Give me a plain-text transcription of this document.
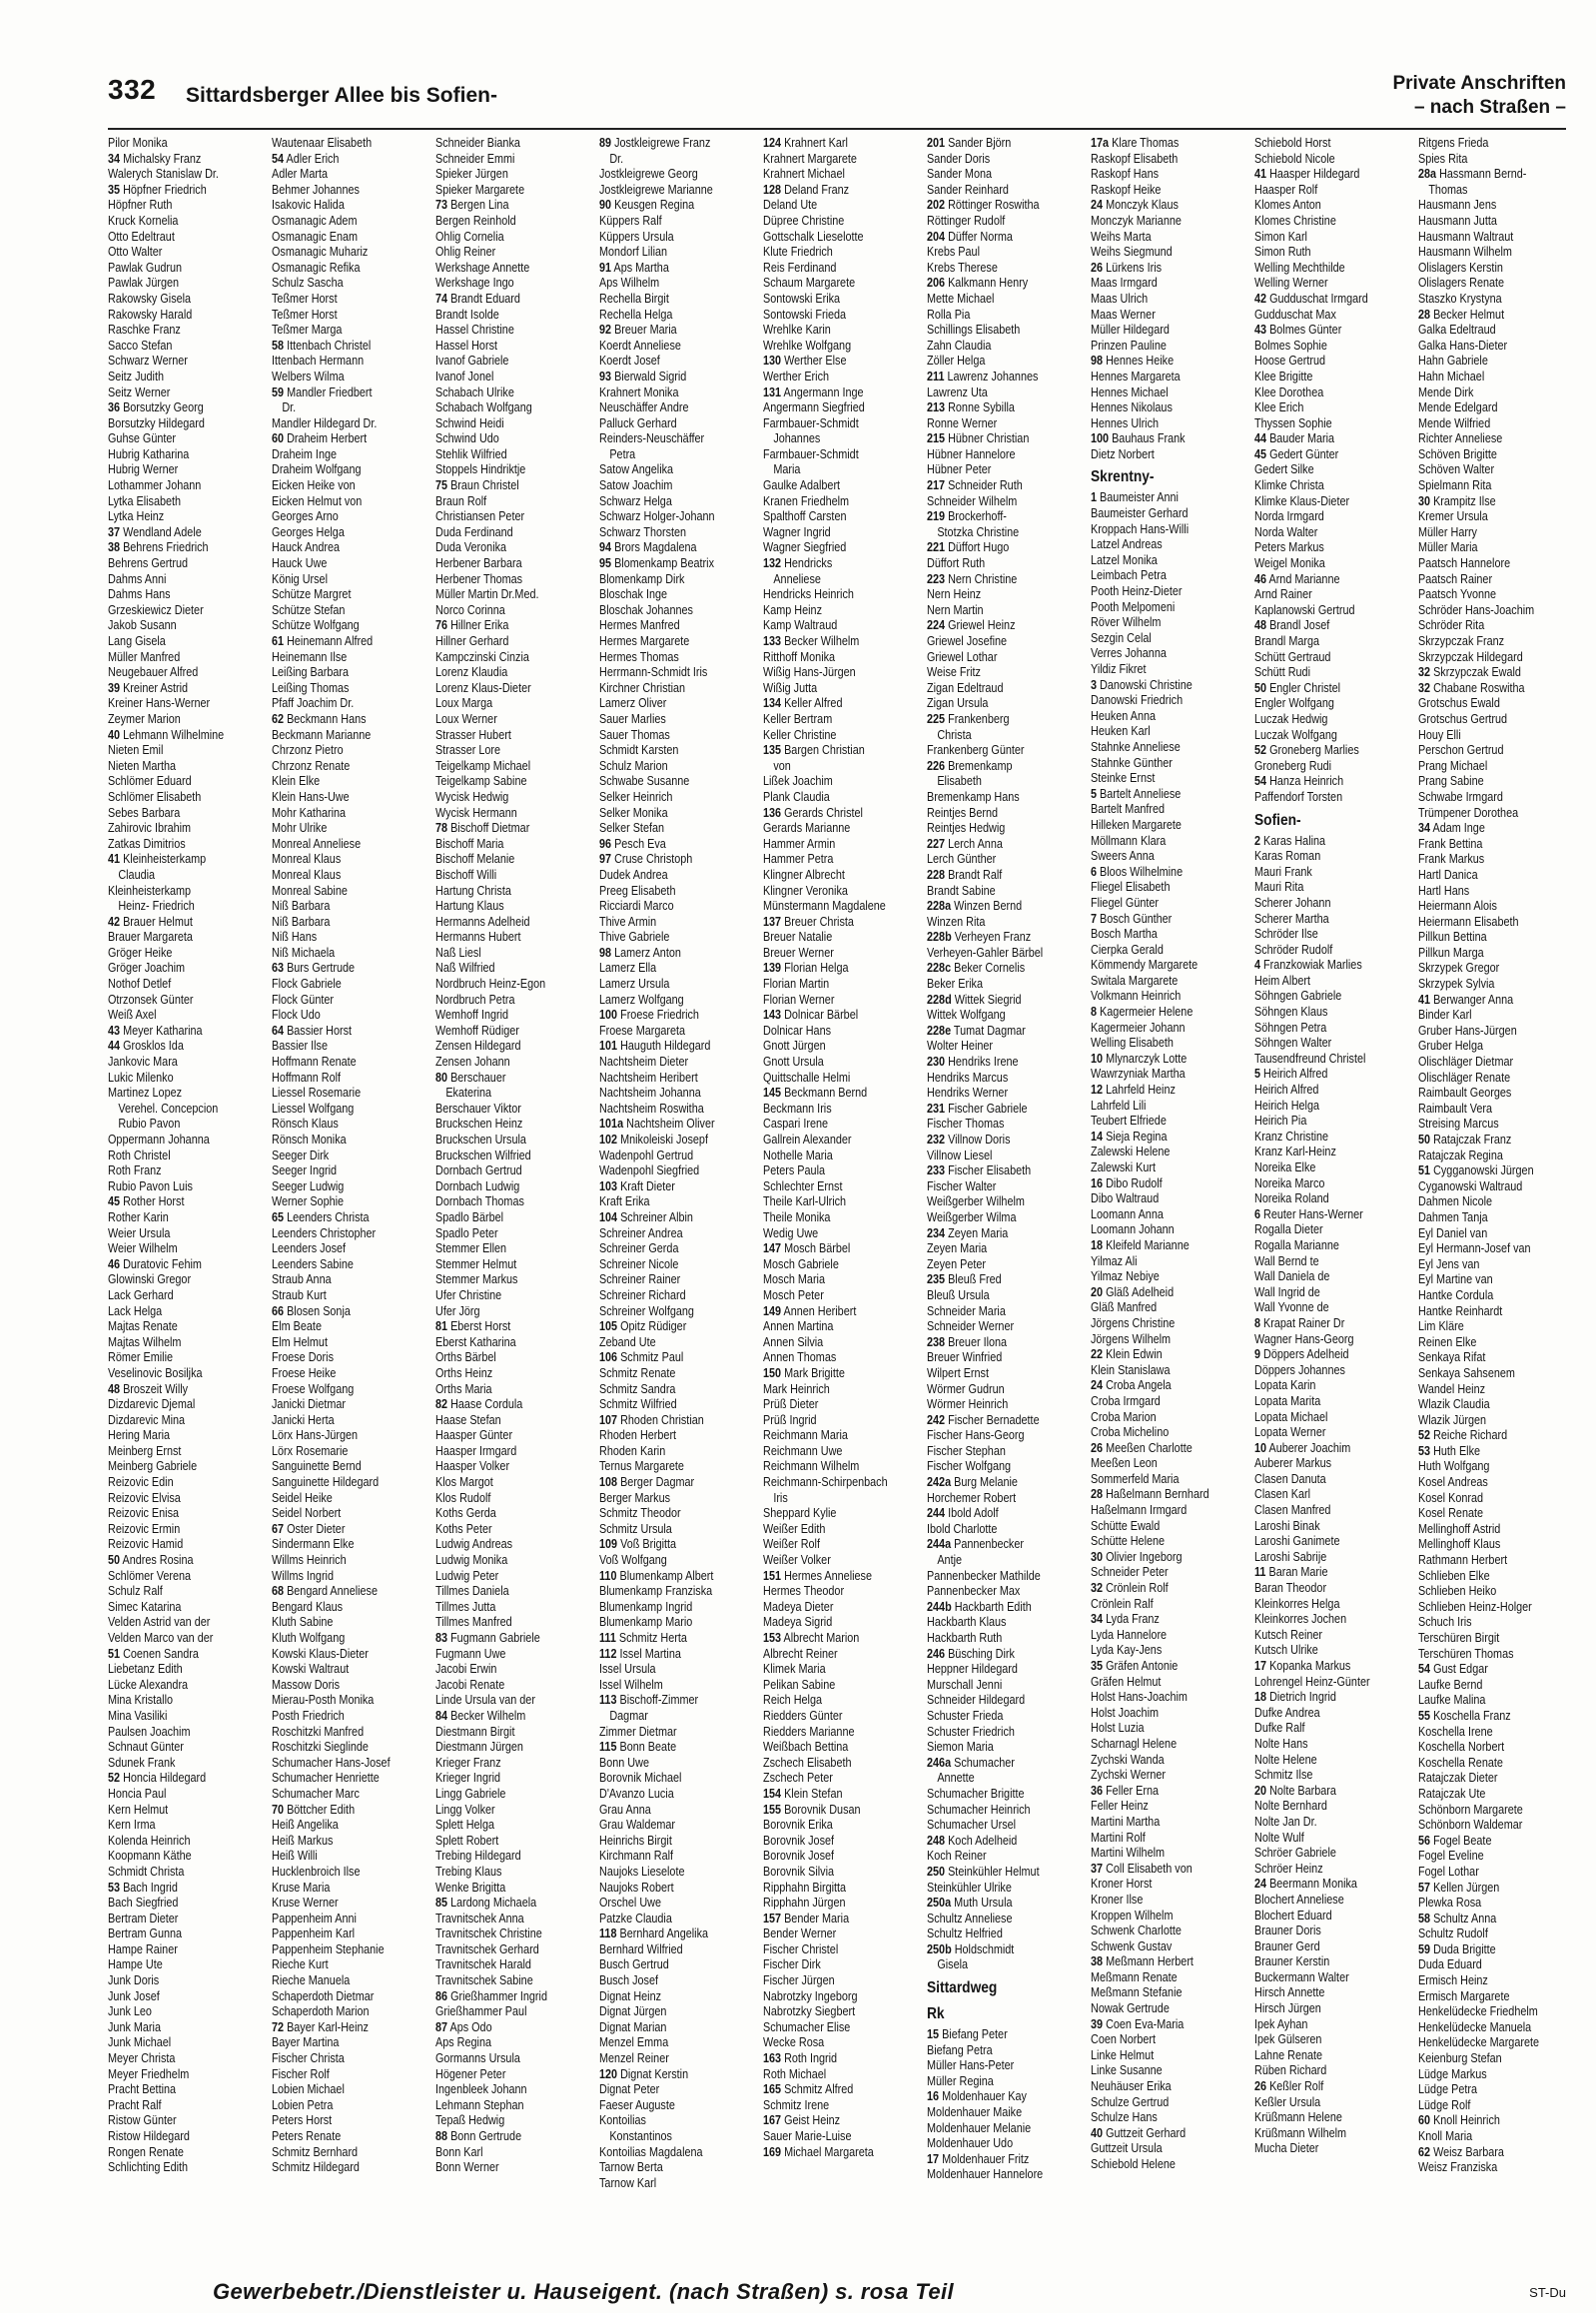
332 Sittardsberger Allee bis Sofien-
Private Anschriften
– nach Straßen –
Pilor Monika
34 Michalsky Franz
Walerych Stanislaw Dr.
35 Höpfner Friedrich
Höpfner Ruth
Kruck Kornelia
Otto Edeltraut
Otto Walter
Pawlak Gudrun
Pawlak Jürgen
Rakowsky Gisela
Rakowsky Harald
Raschke Franz
Sacco Stefan
Schwarz Werner
Seitz Judith
Seitz Werner
36 Borsutzky Georg
Borsutzky Hildegard
Guhse Günter
Hubrig Katharina
Hubrig Werner
Lothammer Johann
Lytka Elisabeth
Lytka Heinz
37 Wendland Adele
38 Behrens Friedrich
Behrens Gertrud
Dahms Anni
Dahms Hans
Grzeskiewicz Dieter
Jakob Susann
Lang Gisela
Müller Manfred
Neugebauer Alfred
39 Kreiner Astrid
Kreiner Hans-Werner
Zeymer Marion
40 Lehmann Wilhelmine
Nieten Emil
Nieten Martha
Schlömer Eduard
Schlömer Elisabeth
Sebes Barbara
Zahirovic Ibrahim
Zatkas Dimitrios
41 Kleinheisterkamp
Claudia
Kleinheisterkamp
Heinz- Friedrich
42 Brauer Helmut
Brauer Margareta
Gröger Heike
Gröger Joachim
Nothof Detlef
Otrzonsek Günter
Weiß Axel
43 Meyer Katharina
44 Grosklos Ida
Jankovic Mara
Lukic Milenko
Martinez Lopez
Verehel. Concepcion
Rubio Pavon
Oppermann Johanna
Roth Christel
Roth Franz
Rubio Pavon Luis
45 Rother Horst
Rother Karin
Weier Ursula
Weier Wilhelm
46 Duratovic Fehim
Glowinski Gregor
Lack Gerhard
Lack Helga
Majtas Renate
Majtas Wilhelm
Römer Emilie
Veselinovic Bosiljka
48 Broszeit Willy
Dizdarevic Djemal
Dizdarevic Mina
Hering Maria
Meinberg Ernst
Meinberg Gabriele
Reizovic Edin
Reizovic Elvisa
Reizovic Enisa
Reizovic Ermin
Reizovic Hamid
50 Andres Rosina
Schlömer Verena
Schulz Ralf
Simec Katarina
Velden Astrid van der
Velden Marco van der
51 Coenen Sandra
Liebetanz Edith
Lücke Alexandra
Mina Kristallo
Mina Vasiliki
Paulsen Joachim
Schnaut Günter
Sdunek Frank
52 Honcia Hildegard
Honcia Paul
Kern Helmut
Kern Irma
Kolenda Heinrich
Koopmann Käthe
Schmidt Christa
53 Bach Ingrid
Bach Siegfried
Bertram Dieter
Bertram Gunna
Hampe Rainer
Hampe Ute
Junk Doris
Junk Josef
Junk Leo
Junk Maria
Junk Michael
Meyer Christa
Meyer Friedhelm
Pracht Bettina
Pracht Ralf
Ristow Günter
Ristow Hildegard
Rongen Renate
Schlichting Edith
Wautenaar Elisabeth
54 Adler Erich
Adler Marta
Behmer Johannes
Isakovic Halida
Osmanagic Adem
Osmanagic Enam
Osmanagic Muhariz
Osmanagic Refika
Schulz Sascha
Teßmer Horst
Teßmer Horst
Teßmer Marga
58 Ittenbach Christel
Ittenbach Hermann
Welbers Wilma
59 Mandler Friedbert
Dr.
Mandler Hildegard Dr.
60 Draheim Herbert
Draheim Inge
Draheim Wolfgang
Eicken Heike von
Eicken Helmut von
Georges Arno
Georges Helga
Hauck Andrea
Hauck Uwe
König Ursel
Schütze Margret
Schütze Stefan
Schütze Wolfgang
61 Heinemann Alfred
Heinemann Ilse
Leißing Barbara
Leißing Thomas
Pfaff Joachim Dr.
62 Beckmann Hans
Beckmann Marianne
Chrzonz Pietro
Chrzonz Renate
Klein Elke
Klein Hans-Uwe
Mohr Katharina
Mohr Ulrike
Monreal Anneliese
Monreal Klaus
Monreal Klaus
Monreal Sabine
Niß Barbara
Niß Barbara
Niß Hans
Niß Michaela
63 Burs Gertrude
Flock Gabriele
Flock Günter
Flock Udo
64 Bassier Horst
Bassier Ilse
Hoffmann Renate
Hoffmann Rolf
Liessel Rosemarie
Liessel Wolfgang
Rönsch Klaus
Rönsch Monika
Seeger Dirk
Seeger Ingrid
Seeger Ludwig
Werner Sophie
65 Leenders Christa
Leenders Christopher
Leenders Josef
Leenders Sabine
Straub Anna
Straub Kurt
66 Blosen Sonja
Elm Beate
Elm Helmut
Froese Doris
Froese Heike
Froese Wolfgang
Janicki Dietmar
Janicki Herta
Lörx Hans-Jürgen
Lörx Rosemarie
Sanguinette Bernd
Sanguinette Hildegard
Seidel Heike
Seidel Norbert
67 Oster Dieter
Sindermann Elke
Willms Heinrich
Willms Ingrid
68 Bengard Anneliese
Bengard Klaus
Kluth Sabine
Kluth Wolfgang
Kowski Klaus-Dieter
Kowski Waltraut
Massow Doris
Mierau-Posth Monika
Posth Friedrich
Roschitzki Manfred
Roschitzki Sieglinde
Schumacher Hans-Josef
Schumacher Henriette
Schumacher Marc
70 Böttcher Edith
Heiß Angelika
Heiß Markus
Heiß Willi
Hucklenbroich Ilse
Kruse Maria
Kruse Werner
Pappenheim Anni
Pappenheim Karl
Pappenheim Stephanie
Rieche Kurt
Rieche Manuela
Schaperdoth Dietmar
Schaperdoth Marion
72 Bayer Karl-Heinz
Bayer Martina
Fischer Christa
Fischer Rolf
Lobien Michael
Lobien Petra
Peters Horst
Peters Renate
Schmitz Bernhard
Schmitz Hildegard
Schneider Bianka
Schneider Emmi
Spieker Jürgen
Spieker Margarete
73 Bergen Lina
Bergen Reinhold
Ohlig Cornelia
Ohlig Reiner
Werkshage Annette
Werkshage Ingo
74 Brandt Eduard
Brandt Isolde
Hassel Christine
Hassel Horst
Ivanof Gabriele
Ivanof Jonel
Schabach Ulrike
Schabach Wolfgang
Schwind Heidi
Schwind Udo
Stehlik Wilfried
Stoppels Hindriktje
75 Braun Christel
Braun Rolf
Christiansen Peter
Duda Ferdinand
Duda Veronika
Herbener Barbara
Herbener Thomas
Müller Martin Dr.Med.
Norco Corinna
76 Hillner Erika
Hillner Gerhard
Kampczinski Cinzia
Lorenz Klaudia
Lorenz Klaus-Dieter
Loux Marga
Loux Werner
Strasser Hubert
Strasser Lore
Teigelkamp Michael
Teigelkamp Sabine
Wycisk Hedwig
Wycisk Hermann
78 Bischoff Dietmar
Bischoff Maria
Bischoff Melanie
Bischoff Willi
Hartung Christa
Hartung Klaus
Hermanns Adelheid
Hermanns Hubert
Naß Liesl
Naß Wilfried
Nordbruch Heinz-Egon
Nordbruch Petra
Wemhoff Ingrid
Wemhoff Rüdiger
Zensen Hildegard
Zensen Johann
80 Berschauer
Ekaterina
Berschauer Viktor
Bruckschen Heinz
Bruckschen Ursula
Bruckschen Wilfried
Dornbach Gertrud
Dornbach Ludwig
Dornbach Thomas
Spadlo Bärbel
Spadlo Peter
Stemmer Ellen
Stemmer Helmut
Stemmer Markus
Ufer Christine
Ufer Jörg
81 Eberst Horst
Eberst Katharina
Orths Bärbel
Orths Heinz
Orths Maria
82 Haase Cordula
Haase Stefan
Haasper Günter
Haasper Irmgard
Haasper Volker
Klos Margot
Klos Rudolf
Koths Gerda
Koths Peter
Ludwig Andreas
Ludwig Monika
Ludwig Peter
Tillmes Daniela
Tillmes Jutta
Tillmes Manfred
83 Fugmann Gabriele
Fugmann Uwe
Jacobi Erwin
Jacobi Renate
Linde Ursula van der
84 Becker Wilhelm
Diestmann Birgit
Diestmann Jürgen
Krieger Franz
Krieger Ingrid
Lingg Gabriele
Lingg Volker
Splett Helga
Splett Robert
Trebing Hildegard
Trebing Klaus
Wenke Brigitta
85 Lardong Michaela
Travnitschek Anna
Travnitschek Christine
Travnitschek Gerhard
Travnitschek Harald
Travnitschek Sabine
86 Grießhammer Ingrid
Grießhammer Paul
87 Aps Odo
Aps Regina
Gormanns Ursula
Högener Peter
Ingenbleek Johann
Lehmann Stephan
Tepaß Hedwig
88 Bonn Gertrude
Bonn Karl
Bonn Werner
89 Jostkleigrewe Franz
Dr.
Jostkleigrewe Georg
Jostkleigrewe Marianne
90 Keusgen Regina
Küppers Ralf
Küppers Ursula
Mondorf Lilian
91 Aps Martha
Aps Wilhelm
Rechella Birgit
Rechella Helga
92 Breuer Maria
Koerdt Anneliese
Koerdt Josef
93 Bierwald Sigrid
Krahnert Monika
Neuschäffer Andre
Palluck Gerhard
Reinders-Neuschäffer
Petra
Satow Angelika
Satow Joachim
Schwarz Helga
Schwarz Holger-Johann
Schwarz Thorsten
94 Brors Magdalena
95 Blomenkamp Beatrix
Blomenkamp Dirk
Bloschak Inge
Bloschak Johannes
Hermes Manfred
Hermes Margarete
Hermes Thomas
Herrmann-Schmidt Iris
Kirchner Christian
Lamerz Oliver
Sauer Marlies
Sauer Thomas
Schmidt Karsten
Schulz Marion
Schwabe Susanne
Selker Heinrich
Selker Monika
Selker Stefan
96 Pesch Eva
97 Cruse Christoph
Dudek Andrea
Preeg Elisabeth
Ricciardi Marco
Thive Armin
Thive Gabriele
98 Lamerz Anton
Lamerz Ella
Lamerz Ursula
Lamerz Wolfgang
100 Froese Friedrich
Froese Margareta
101 Hauguth Hildegard
Nachtsheim Dieter
Nachtsheim Heribert
Nachtsheim Johanna
Nachtsheim Roswitha
101a Nachtsheim Oliver
102 Mnikoleiski Josepf
Wadenpohl Gertrud
Wadenpohl Siegfried
103 Kraft Dieter
Kraft Erika
104 Schreiner Albin
Schreiner Andrea
Schreiner Gerda
Schreiner Nicole
Schreiner Rainer
Schreiner Richard
Schreiner Wolfgang
105 Opitz Rüdiger
Zeband Ute
106 Schmitz Paul
Schmitz Renate
Schmitz Sandra
Schmitz Wilfried
107 Rhoden Christian
Rhoden Herbert
Rhoden Karin
Ternus Margarete
108 Berger Dagmar
Berger Markus
Schmitz Theodor
Schmitz Ursula
109 Voß Brigitta
Voß Wolfgang
110 Blumenkamp Albert
Blumenkamp Franziska
Blumenkamp Ingrid
Blumenkamp Mario
111 Schmitz Herta
112 Issel Martina
Issel Ursula
Issel Wilhelm
113 Bischoff-Zimmer
Dagmar
Zimmer Dietmar
115 Bonn Beate
Bonn Uwe
Borovnik Michael
D'Avanzo Lucia
Grau Anna
Grau Waldemar
Heinrichs Birgit
Kirchmann Ralf
Naujoks Lieselote
Naujoks Robert
Orschel Uwe
Patzke Claudia
118 Bernhard Angelika
Bernhard Wilfried
Busch Gertrud
Busch Josef
Dignat Heinz
Dignat Jürgen
Dignat Marian
Menzel Emma
Menzel Reiner
120 Dignat Kerstin
Dignat Peter
Faeser Auguste
Kontoilias
Konstantinos
Kontoilias Magdalena
Tarnow Berta
Tarnow Karl
124 Krahnert Karl
Krahnert Margarete
Krahnert Michael
128 Deland Franz
Deland Ute
Düpree Christine
Gottschalk Lieselotte
Klute Friedrich
Reis Ferdinand
Schaum Margarete
Sontowski Erika
Sontowski Frieda
Wrehlke Karin
Wrehlke Wolfgang
130 Werther Else
Werther Erich
131 Angermann Inge
Angermann Siegfried
Farmbauer-Schmidt
Johannes
Farmbauer-Schmidt
Maria
Gaulke Adalbert
Kranen Friedhelm
Spalthoff Carsten
Wagner Ingrid
Wagner Siegfried
132 Hendricks
Anneliese
Hendricks Heinrich
Kamp Heinz
Kamp Waltraud
133 Becker Wilhelm
Ritthoff Monika
Wißig Hans-Jürgen
Wißig Jutta
134 Keller Alfred
Keller Bertram
Keller Christine
135 Bargen Christian
von
Lißek Joachim
Plank Claudia
136 Gerards Christel
Gerards Marianne
Hammer Armin
Hammer Petra
Klingner Albrecht
Klingner Veronika
Münstermann Magdalene
137 Breuer Christa
Breuer Natalie
Breuer Werner
139 Florian Helga
Florian Martin
Florian Werner
143 Dolnicar Bärbel
Dolnicar Hans
Gnott Jürgen
Gnott Ursula
Quittschalle Helmi
145 Beckmann Bernd
Beckmann Iris
Caspari Irene
Gallrein Alexander
Nothelle Maria
Peters Paula
Schlechter Ernst
Theile Karl-Ulrich
Theile Monika
Wedig Uwe
147 Mosch Bärbel
Mosch Gabriele
Mosch Maria
Mosch Peter
149 Annen Heribert
Annen Martina
Annen Silvia
Annen Thomas
150 Mark Brigitte
Mark Heinrich
Prüß Dieter
Prüß Ingrid
Reichmann Maria
Reichmann Uwe
Reichmann Wilhelm
Reichmann-Schirpenbach
Iris
Sheppard Kylie
Weißer Edith
Weißer Rolf
Weißer Volker
151 Hermes Anneliese
Hermes Theodor
Madeya Dieter
Madeya Sigrid
153 Albrecht Marion
Albrecht Reiner
Klimek Maria
Pelikan Sabine
Reich Helga
Riedders Günter
Riedders Marianne
Weißbach Bettina
Zschech Elisabeth
Zschech Peter
154 Klein Stefan
155 Borovnik Dusan
Borovnik Erika
Borovnik Josef
Borovnik Josef
Borovnik Silvia
Ripphahn Birgitta
Ripphahn Jürgen
157 Bender Maria
Bender Werner
Fischer Christel
Fischer Dirk
Fischer Jürgen
Nabrotzky Ingeborg
Nabrotzky Siegbert
Schumacher Elise
Wecke Rosa
163 Roth Ingrid
Roth Michael
165 Schmitz Alfred
Schmitz Irene
167 Geist Heinz
Sauer Marie-Luise
169 Michael Margareta
201 Sander Björn
Sander Doris
Sander Mona
Sander Reinhard
202 Röttinger Roswitha
Röttinger Rudolf
204 Düffer Norma
Krebs Paul
Krebs Therese
206 Kalkmann Henry
Mette Michael
Rolla Pia
Schillings Elisabeth
Zahn Claudia
Zöller Helga
211 Lawrenz Johannes
Lawrenz Uta
213 Ronne Sybilla
Ronne Werner
215 Hübner Christian
Hübner Hannelore
Hübner Peter
217 Schneider Ruth
Schneider Wilhelm
219 Brockerhoff-
Stotzka Christine
221 Düffort Hugo
Düffort Ruth
223 Nern Christine
Nern Heinz
Nern Martin
224 Griewel Heinz
Griewel Josefine
Griewel Lothar
Weise Fritz
Zigan Edeltraud
Zigan Ursula
225 Frankenberg
Christa
Frankenberg Günter
226 Bremenkamp
Elisabeth
Bremenkamp Hans
Reintjes Bernd
Reintjes Hedwig
227 Lerch Anna
Lerch Günther
228 Brandt Ralf
Brandt Sabine
228a Winzen Bernd
Winzen Rita
228b Verheyen Franz
Verheyen-Gahler Bärbel
228c Beker Cornelis
Beker Erika
228d Wittek Siegrid
Wittek Wolfgang
228e Tumat Dagmar
Wolter Heiner
230 Hendriks Irene
Hendriks Marcus
Hendriks Werner
231 Fischer Gabriele
Fischer Thomas
232 Villnow Doris
Villnow Liesel
233 Fischer Elisabeth
Fischer Walter
Weißgerber Wilhelm
Weißgerber Wilma
234 Zeyen Maria
Zeyen Maria
Zeyen Peter
235 Bleuß Fred
Bleuß Ursula
Schneider Maria
Schneider Werner
238 Breuer Ilona
Breuer Winfried
Wilpert Ernst
Wörmer Gudrun
Wörmer Heinrich
242 Fischer Bernadette
Fischer Hans-Georg
Fischer Stephan
Fischer Wolfgang
242a Burg Melanie
Horchemer Robert
244 Ibold Adolf
Ibold Charlotte
244a Pannenbecker
Antje
Pannenbecker Mathilde
Pannenbecker Max
244b Hackbarth Edith
Hackbarth Klaus
Hackbarth Ruth
246 Büsching Dirk
Heppner Hildegard
Murschall Jenni
Schneider Hildegard
Schuster Frieda
Schuster Friedrich
Siemon Maria
246a Schumacher
Annette
Schumacher Brigitte
Schumacher Heinrich
Schumacher Ursel
248 Koch Adelheid
Koch Reiner
250 Steinkühler Helmut
Steinkühler Ulrike
250a Muth Ursula
Schultz Anneliese
Schultz Helfried
250b Holdschmidt
Gisela
Sittardweg
Rk
15 Biefang Peter
Biefang Petra
Müller Hans-Peter
Müller Regina
16 Moldenhauer Kay
Moldenhauer Maike
Moldenhauer Melanie
Moldenhauer Udo
17 Moldenhauer Fritz
Moldenhauer Hannelore
17a Klare Thomas
Raskopf Elisabeth
Raskopf Hans
Raskopf Heike
24 Monczyk Klaus
Monczyk Marianne
Weihs Marta
Weihs Siegmund
26 Lürkens Iris
Maas Irmgard
Maas Ulrich
Maas Werner
Müller Hildegard
Prinzen Pauline
98 Hennes Heike
Hennes Margareta
Hennes Michael
Hennes Nikolaus
Hennes Ulrich
100 Bauhaus Frank
Dietz Norbert
Skrentny-
1 Baumeister Anni
Baumeister Gerhard
Kroppach Hans-Willi
Latzel Andreas
Latzel Monika
Leimbach Petra
Pooth Heinz-Dieter
Pooth Melpomeni
Röver Wilhelm
Sezgin Celal
Verres Johanna
Yildiz Fikret
3 Danowski Christine
Danowski Friedrich
Heuken Anna
Heuken Karl
Stahnke Anneliese
Stahnke Günther
Steinke Ernst
5 Bartelt Anneliese
Bartelt Manfred
Hilleken Margarete
Möllmann Klara
Sweers Anna
6 Bloos Wilhelmine
Fliegel Elisabeth
Fliegel Günter
7 Bosch Günther
Bosch Martha
Cierpka Gerald
Kömmendy Margarete
Switala Margarete
Volkmann Heinrich
8 Kagermeier Helene
Kagermeier Johann
Welling Elisabeth
10 Mlynarczyk Lotte
Wawrzyniak Martha
12 Lahrfeld Heinz
Lahrfeld Lili
Teubert Elfriede
14 Sieja Regina
Zalewski Helene
Zalewski Kurt
16 Dibo Rudolf
Dibo Waltraud
Loomann Anna
Loomann Johann
18 Kleifeld Marianne
Yilmaz Ali
Yilmaz Nebiye
20 Gläß Adelheid
Gläß Manfred
Jörgens Christine
Jörgens Wilhelm
22 Klein Edwin
Klein Stanislawa
24 Croba Angela
Croba Irmgard
Croba Marion
Croba Michelino
26 Meeßen Charlotte
Meeßen Leon
Sommerfeld Maria
28 Haßelmann Bernhard
Haßelmann Irmgard
Schütte Ewald
Schütte Helene
30 Olivier Ingeborg
Schneider Peter
32 Crönlein Rolf
Crönlein Ralf
34 Lyda Franz
Lyda Hannelore
Lyda Kay-Jens
35 Gräfen Antonie
Gräfen Helmut
Holst Hans-Joachim
Holst Joachim
Holst Luzia
Scharnagl Helene
Zychski Wanda
Zychski Werner
36 Feller Erna
Feller Heinz
Martini Martha
Martini Rolf
Martini Wilhelm
37 Coll Elisabeth von
Kroner Horst
Kroner Ilse
Kroppen Wilhelm
Schwenk Charlotte
Schwenk Gustav
38 Meßmann Herbert
Meßmann Renate
Meßmann Stefanie
Nowak Gertrude
39 Coen Eva-Maria
Coen Norbert
Linke Helmut
Linke Susanne
Neuhäuser Erika
Schulze Gertrud
Schulze Hans
40 Guttzeit Gerhard
Guttzeit Ursula
Schiebold Helene
Schiebold Horst
Schiebold Nicole
41 Haasper Hildegard
Haasper Rolf
Klomes Anton
Klomes Christine
Simon Karl
Simon Ruth
Welling Mechthilde
Welling Werner
42 Gudduschat Irmgard
Gudduschat Max
43 Bolmes Günter
Bolmes Sophie
Hoose Gertrud
Klee Brigitte
Klee Dorothea
Klee Erich
Thyssen Sophie
44 Bauder Maria
45 Gedert Günter
Gedert Silke
Klimke Christa
Klimke Klaus-Dieter
Norda Irmgard
Norda Walter
Peters Markus
Weigel Monika
46 Arnd Marianne
Arnd Rainer
Kaplanowski Gertrud
48 Brandl Josef
Brandl Marga
Schütt Gertraud
Schütt Rudi
50 Engler Christel
Engler Wolfgang
Luczak Hedwig
Luczak Wolfgang
52 Groneberg Marlies
Groneberg Rudi
54 Hanza Heinrich
Paffendorf Torsten
Sofien-
2 Karas Halina
Karas Roman
Mauri Frank
Mauri Rita
Scherer Johann
Scherer Martha
Schröder Ilse
Schröder Rudolf
4 Franzkowiak Marlies
Heim Albert
Söhngen Gabriele
Söhngen Klaus
Söhngen Petra
Söhngen Walter
Tausendfreund Christel
5 Heirich Alfred
Heirich Alfred
Heirich Helga
Heirich Pia
Kranz Christine
Kranz Karl-Heinz
Noreika Elke
Noreika Marco
Noreika Roland
6 Reuter Hans-Werner
Rogalla Dieter
Rogalla Marianne
Wall Bernd te
Wall Daniela de
Wall Ingrid de
Wall Yvonne de
8 Krapat Rainer Dr
Wagner Hans-Georg
9 Döppers Adelheid
Döppers Johannes
Lopata Karin
Lopata Marita
Lopata Michael
Lopata Werner
10 Auberer Joachim
Auberer Markus
Clasen Danuta
Clasen Karl
Clasen Manfred
Laroshi Binak
Laroshi Ganimete
Laroshi Sabrije
11 Baran Marie
Baran Theodor
Kleinkorres Helga
Kleinkorres Jochen
Kutsch Reiner
Kutsch Ulrike
17 Kopanka Markus
Lohrengel Heinz-Günter
18 Dietrich Ingrid
Dufke Andrea
Dufke Ralf
Nolte Hans
Nolte Helene
Schmitz Ilse
20 Nolte Barbara
Nolte Bernhard
Nolte Jan Dr.
Nolte Wulf
Schröer Gabriele
Schröer Heinz
24 Beermann Monika
Blochert Anneliese
Blochert Eduard
Brauner Doris
Brauner Gerd
Brauner Kerstin
Buckermann Walter
Hirsch Annette
Hirsch Jürgen
Ipek Ayhan
Ipek Gülseren
Lahne Renate
Rüben Richard
26 Keßler Rolf
Keßler Ursula
Krüßmann Helene
Krüßmann Wilhelm
Mucha Dieter
Ritgens Frieda
Spies Rita
28a Hassmann Bernd-
Thomas
Hausmann Jens
Hausmann Jutta
Hausmann Waltraut
Hausmann Wilhelm
Olislagers Kerstin
Olislagers Renate
Staszko Krystyna
28 Becker Helmut
Galka Edeltraud
Galka Hans-Dieter
Hahn Gabriele
Hahn Michael
Mende Dirk
Mende Edelgard
Mende Wilfried
Richter Anneliese
Schöven Brigitte
Schöven Walter
Spielmann Rita
30 Krampitz Ilse
Kremer Ursula
Müller Harry
Müller Maria
Paatsch Hannelore
Paatsch Rainer
Paatsch Yvonne
Schröder Hans-Joachim
Schröder Rita
Skrzypczak Franz
Skrzypczak Hildegard
32 Skrzypczak Ewald
32 Chabane Roswitha
Grotschus Ewald
Grotschus Gertrud
Houy Elli
Perschon Gertrud
Prang Michael
Prang Sabine
Schwabe Irmgard
Trümpener Dorothea
34 Adam Inge
Frank Bettina
Frank Markus
Hartl Danica
Hartl Hans
Heiermann Alois
Heiermann Elisabeth
Pillkun Bettina
Pillkun Marga
Skrzypek Gregor
Skrzypek Sylvia
41 Berwanger Anna
Binder Karl
Gruber Hans-Jürgen
Gruber Helga
Olischläger Dietmar
Olischläger Renate
Raimbault Georges
Raimbault Vera
Streising Marcus
50 Ratajczak Franz
Ratajczak Regina
51 Cygganowski Jürgen
Cyganowski Waltraud
Dahmen Nicole
Dahmen Tanja
Eyl Daniel van
Eyl Hermann-Josef van
Eyl Jens van
Eyl Martine van
Hantke Cordula
Hantke Reinhardt
Lim Kläre
Reinen Elke
Senkaya Rifat
Senkaya Sahsenem
Wandel Heinz
Wlazik Claudia
Wlazik Jürgen
52 Reiche Richard
53 Huth Elke
Huth Wolfgang
Kosel Andreas
Kosel Konrad
Kosel Renate
Mellinghoff Astrid
Mellinghoff Klaus
Rathmann Herbert
Schlieben Elke
Schlieben Heiko
Schlieben Heinz-Holger
Schuch Iris
Terschüren Birgit
Terschüren Thomas
54 Gust Edgar
Laufke Bernd
Laufke Malina
55 Koschella Franz
Koschella Irene
Koschella Norbert
Koschella Renate
Ratajczak Dieter
Ratajczak Ute
Schönborn Margarete
Schönborn Waldemar
56 Fogel Beate
Fogel Eveline
Fogel Lothar
57 Kellen Jürgen
Plewka Rosa
58 Schultz Anna
Schultz Rudolf
59 Duda Brigitte
Duda Eduard
Ermisch Heinz
Ermisch Margarete
Henkelüdecke Friedhelm
Henkelüdecke Manuela
Henkelüdecke Margarete
Keienburg Stefan
Lüdge Markus
Lüdge Petra
Lüdge Rolf
60 Knoll Heinrich
Knoll Maria
62 Weisz Barbara
Weisz Franziska
Gewerbebetr./Dienstleister u. Hauseigent. (nach Straßen) s. rosa Teil	ST-Du
